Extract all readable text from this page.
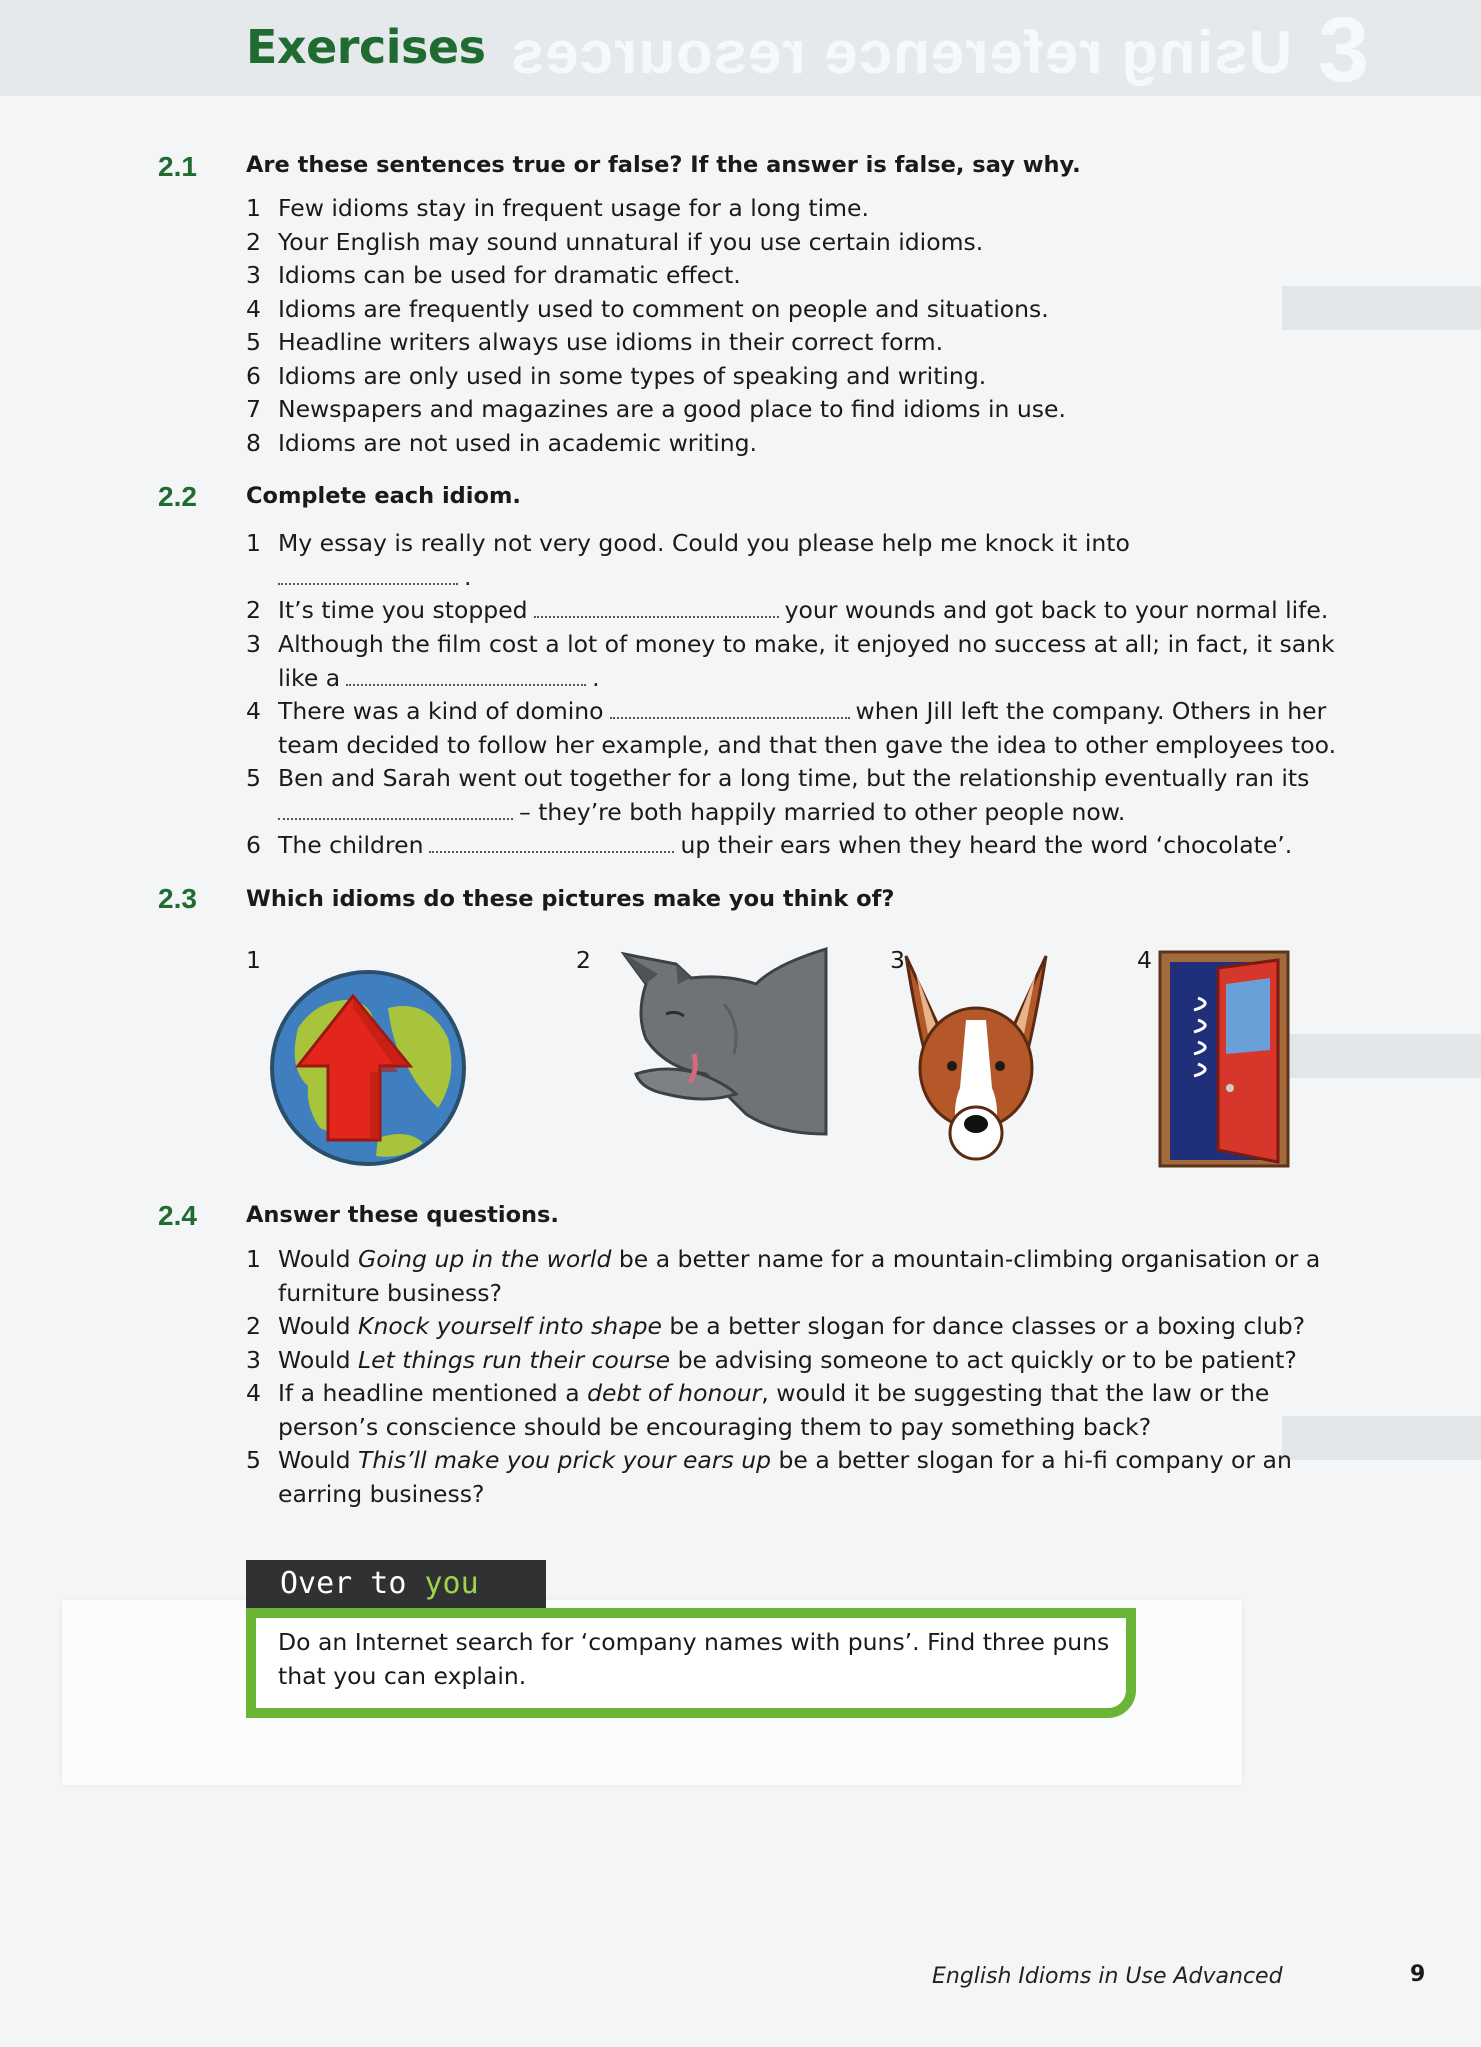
Using reference resources 3
Exercises
2.1 Are these sentences true or false? If the answer is false, say why.
1 Few idioms stay in frequent usage for a long time.
2 Your English may sound unnatural if you use certain idioms.
3 Idioms can be used for dramatic effect.
4 Idioms are frequently used to comment on people and situations.
5 Headline writers always use idioms in their correct form.
6 Idioms are only used in some types of speaking and writing.
7 Newspapers and magazines are a good place to find idioms in use.
8 Idioms are not used in academic writing.
2.2 Complete each idiom.
1 My essay is really not very good. Could you please help me knock it into
.
2 It’s time you stopped	your wounds and got back to your normal life.
3 Although the film cost a lot of money to make, it enjoyed no success at all; in fact, it sank like a	.
4 There was a kind of domino	when Jill left the company. Others in her team decided to follow her example, and that then gave the idea to other employees too.
5 Ben and Sarah went out together for a long time, but the relationship eventually ran its
– they’re both happily married to other people now.
6 The children	up their ears when they heard the word ‘chocolate’.
2.3 Which idioms do these pictures make you think of?
1	2	3	4
2.4 Answer these questions.
1 Would Going up in the world be a better name for a mountain-climbing organisation or a furniture business?
2 Would Knock yourself into shape be a better slogan for dance classes or a boxing club?
3 Would Let things run their course be advising someone to act quickly or to be patient?
4 If a headline mentioned a debt of honour, would it be suggesting that the law or the person’s conscience should be encouraging them to pay something back?
5 Would This’ll make you prick your ears up be a better slogan for a hi-fi company or an earring business?
Over to you
Do an Internet search for ‘company names with puns’. Find three puns that you can explain.
English Idioms in Use Advanced	9
